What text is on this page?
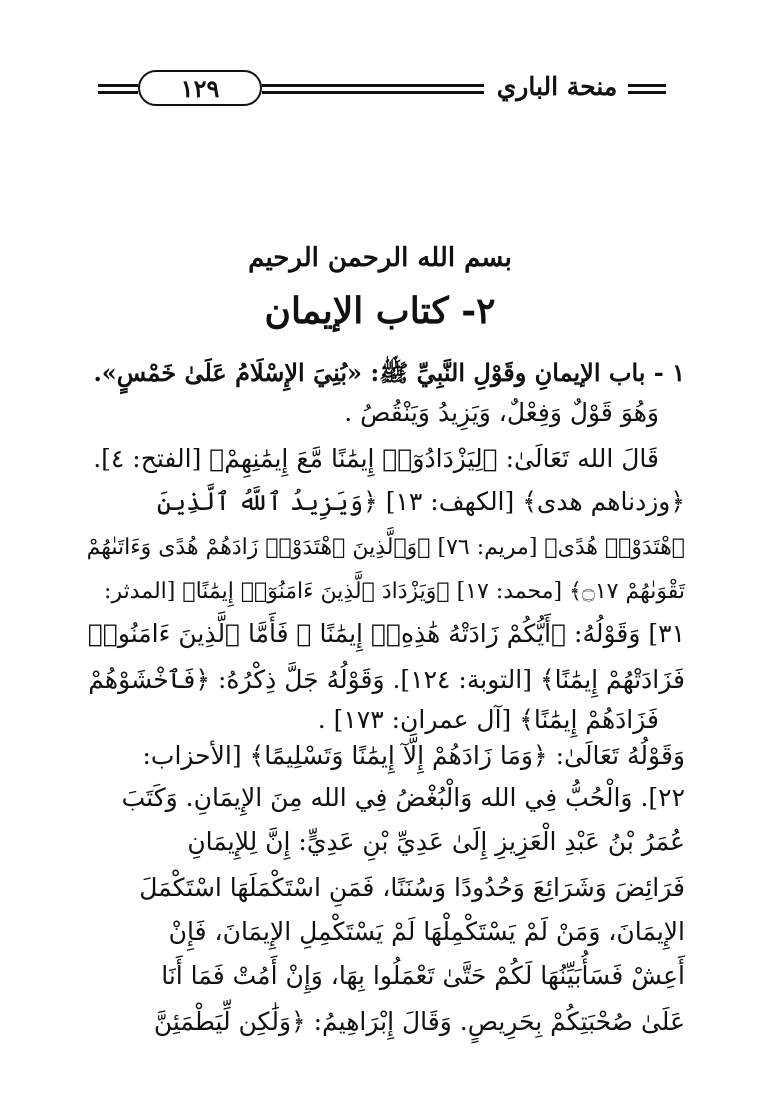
١٢٩	منحة الباري
بسم الله الرحمن الرحيم
٢- كتاب الإيمان
١ - باب الإيمانِ وقَوْلِ النَّبِيِّ ﷺ: «بُنِيَ الإِسْلَامُ عَلَىٰ خَمْسٍ».
وَهُوَ قَوْلٌ وَفِعْلٌ، وَيَزِيدُ وَيَنْقُصُ .
قَالَ الله تَعَالَىٰ: ﴿لِيَزْدَادُوٓا۟ إِيمَٰنًا مَّعَ إِيمَٰنِهِمْ﴾ [الفتح: ٤].
﴿وزدناهم هدى﴾ [الكهف: ١٣] ﴿وَيَزِيدُ ٱللَّهُ ٱلَّذِينَ
ٱهْتَدَوْا۟ هُدًى﴾ [مريم: ٧٦] ﴿وَٱلَّذِينَ ٱهْتَدَوْا۟ زَادَهُمْ هُدًى وَءَاتَىٰهُمْ
تَقْوَىٰهُمْ ۝١٧﴾ [محمد: ١٧] ﴿وَيَزْدَادَ ٱلَّذِينَ ءَامَنُوٓا۟ إِيمَٰنًا﴾ [المدثر:
٣١] وَقَوْلُهُ: ﴿أَيُّكُمْ زَادَتْهُ هَٰذِهِۦٓ إِيمَٰنًا ۚ فَأَمَّا ٱلَّذِينَ ءَامَنُوا۟
فَزَادَتْهُمْ إِيمَٰنًا﴾ [التوبة: ١٢٤]. وَقَوْلُهُ جَلَّ ذِكْرُهُ: ﴿فَٱخْشَوْهُمْ
فَزَادَهُمْ إِيمَٰنًا﴾ [آل عمران: ١٧٣] .
وَقَوْلُهُ تَعَالَىٰ: ﴿وَمَا زَادَهُمْ إِلَّآ إِيمَٰنًا وَتَسْلِيمًا﴾ [الأحزاب:
٢٢]. وَالْحُبُّ فِي الله وَالْبُغْضُ فِي الله مِنَ الإِيمَانِ. وَكَتَبَ
عُمَرُ بْنُ عَبْدِ الْعَزِيزِ إِلَىٰ عَدِيِّ بْنِ عَدِيٍّ: إِنَّ لِلإِيمَانِ
فَرَائِضَ وَشَرَائِعَ وَحُدُودًا وَسُنَنًا، فَمَنِ اسْتَكْمَلَهَا اسْتَكْمَلَ
الإِيمَانَ، وَمَنْ لَمْ يَسْتَكْمِلْهَا لَمْ يَسْتَكْمِلِ الإِيمَانَ، فَإِنْ
أَعِشْ فَسَأُبَيِّنُهَا لَكُمْ حَتَّىٰ تَعْمَلُوا بِهَا، وَإِنْ أَمُتْ فَمَا أَنَا
عَلَىٰ صُحْبَتِكُمْ بِحَرِيصٍ. وَقَالَ إِبْرَاهِيمُ: ﴿وَلَٰكِن لِّيَطْمَئِنَّ
